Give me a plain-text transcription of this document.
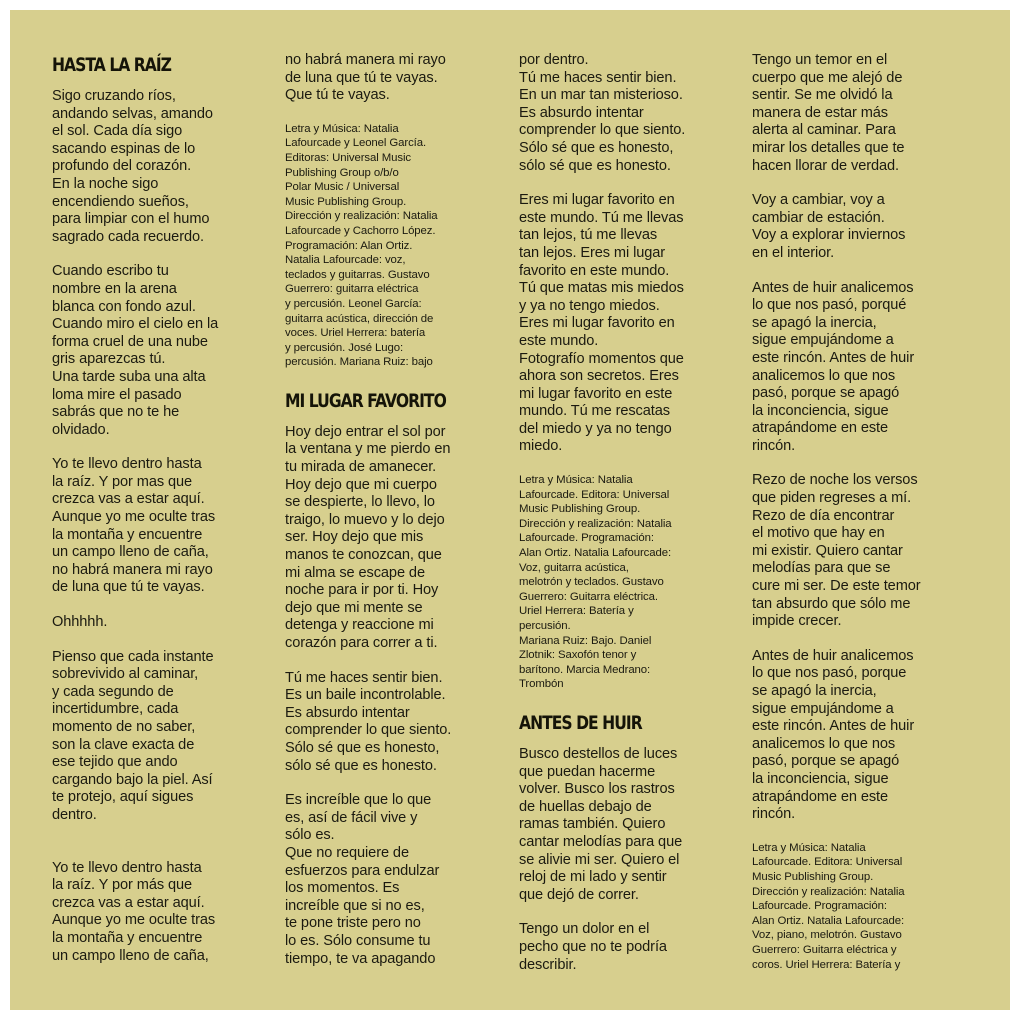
HASTA LA RAÍZ

Sigo cruzando ríos,
andando selvas, amando
el sol. Cada día sigo
sacando espinas de lo
profundo del corazón.
En la noche sigo
encendiendo sueños,
para limpiar con el humo
sagrado cada recuerdo.

Cuando escribo tu
nombre en la arena
blanca con fondo azul.
Cuando miro el cielo en la
forma cruel de una nube
gris aparezcas tú.
Una tarde suba una alta
loma mire el pasado
sabrás que no te he
olvidado.

Yo te llevo dentro hasta
la raíz. Y por mas que
crezca vas a estar aquí.
Aunque yo me oculte tras
la montaña y encuentre
un campo lleno de caña,
no habrá manera mi rayo
de luna que tú te vayas.

Ohhhhh.

Pienso que cada instante
sobrevivido al caminar,
y cada segundo de
incertidumbre, cada
momento de no saber,
son la clave exacta de
ese tejido que ando
cargando bajo la piel. Así
te protejo, aquí sigues
dentro.

Yo te llevo dentro hasta
la raíz. Y por más que
crezca vas a estar aquí.
Aunque yo me oculte tras
la montaña y encuentre
un campo lleno de caña,

no habrá manera mi rayo
de luna que tú te vayas.
Que tú te vayas.

Letra y Música: Natalia
Lafourcade y Leonel García.
Editoras: Universal Music
Publishing Group o/b/o
Polar Music / Universal
Music Publishing Group.
Dirección y realización: Natalia
Lafourcade y Cachorro López.
Programación: Alan Ortiz.
Natalia Lafourcade: voz,
teclados y guitarras. Gustavo
Guerrero: guitarra eléctrica
y percusión. Leonel García:
guitarra acústica, dirección de
voces. Uriel Herrera: batería
y percusión. José Lugo:
percusión. Mariana Ruiz: bajo

MI LUGAR FAVORITO

Hoy dejo entrar el sol por
la ventana y me pierdo en
tu mirada de amanecer.
Hoy dejo que mi cuerpo
se despierte, lo llevo, lo
traigo, lo muevo y lo dejo
ser. Hoy dejo que mis
manos te conozcan, que
mi alma se escape de
noche para ir por ti. Hoy
dejo que mi mente se
detenga y reaccione mi
corazón para correr a ti.

Tú me haces sentir bien.
Es un baile incontrolable.
Es absurdo intentar
comprender lo que siento.
Sólo sé que es honesto,
sólo sé que es honesto.

Es increíble que lo que
es, así de fácil vive y
sólo es.
Que no requiere de
esfuerzos para endulzar
los momentos. Es
increíble que si no es,
te pone triste pero no
lo es. Sólo consume tu
tiempo, te va apagando

por dentro.
Tú me haces sentir bien.
En un mar tan misterioso.
Es absurdo intentar
comprender lo que siento.
Sólo sé que es honesto,
sólo sé que es honesto.

Eres mi lugar favorito en
este mundo. Tú me llevas
tan lejos, tú me llevas
tan lejos. Eres mi lugar
favorito en este mundo.
Tú que matas mis miedos
y ya no tengo miedos.
Eres mi lugar favorito en
este mundo.
Fotografío momentos que
ahora son secretos. Eres
mi lugar favorito en este
mundo. Tú me rescatas
del miedo y ya no tengo
miedo.

Letra y Música: Natalia
Lafourcade. Editora: Universal
Music Publishing Group.
Dirección y realización: Natalia
Lafourcade. Programación:
Alan Ortiz. Natalia Lafourcade:
Voz, guitarra acústica,
melotrón y teclados. Gustavo
Guerrero: Guitarra eléctrica.
Uriel Herrera: Batería y
percusión.
Mariana Ruiz: Bajo. Daniel
Zlotnik: Saxofón tenor y
barítono. Marcia Medrano:
Trombón

ANTES DE HUIR

Busco destellos de luces
que puedan hacerme
volver. Busco los rastros
de huellas debajo de
ramas también. Quiero
cantar melodías para que
se alivie mi ser. Quiero el
reloj de mi lado y sentir
que dejó de correr.

Tengo un dolor en el
pecho que no te podría
describir.

Tengo un temor en el
cuerpo que me alejó de
sentir. Se me olvidó la
manera de estar más
alerta al caminar. Para
mirar los detalles que te
hacen llorar de verdad.

Voy a cambiar, voy a
cambiar de estación.
Voy a explorar inviernos
en el interior.

Antes de huir analicemos
lo que nos pasó, porqué
se apagó la inercia,
sigue empujándome a
este rincón. Antes de huir
analicemos lo que nos
pasó, porque se apagó
la inconciencia, sigue
atrapándome en este
rincón.

Rezo de noche los versos
que piden regreses a mí.
Rezo de día encontrar
el motivo que hay en
mi existir. Quiero cantar
melodías para que se
cure mi ser. De este temor
tan absurdo que sólo me
impide crecer.

Antes de huir analicemos
lo que nos pasó, porque
se apagó la inercia,
sigue empujándome a
este rincón. Antes de huir
analicemos lo que nos
pasó, porque se apagó
la inconciencia, sigue
atrapándome en este
rincón.

Letra y Música: Natalia
Lafourcade. Editora: Universal
Music Publishing Group.
Dirección y realización: Natalia
Lafourcade. Programación:
Alan Ortiz. Natalia Lafourcade:
Voz, piano, melotrón. Gustavo
Guerrero: Guitarra eléctrica y
coros. Uriel Herrera: Batería y
